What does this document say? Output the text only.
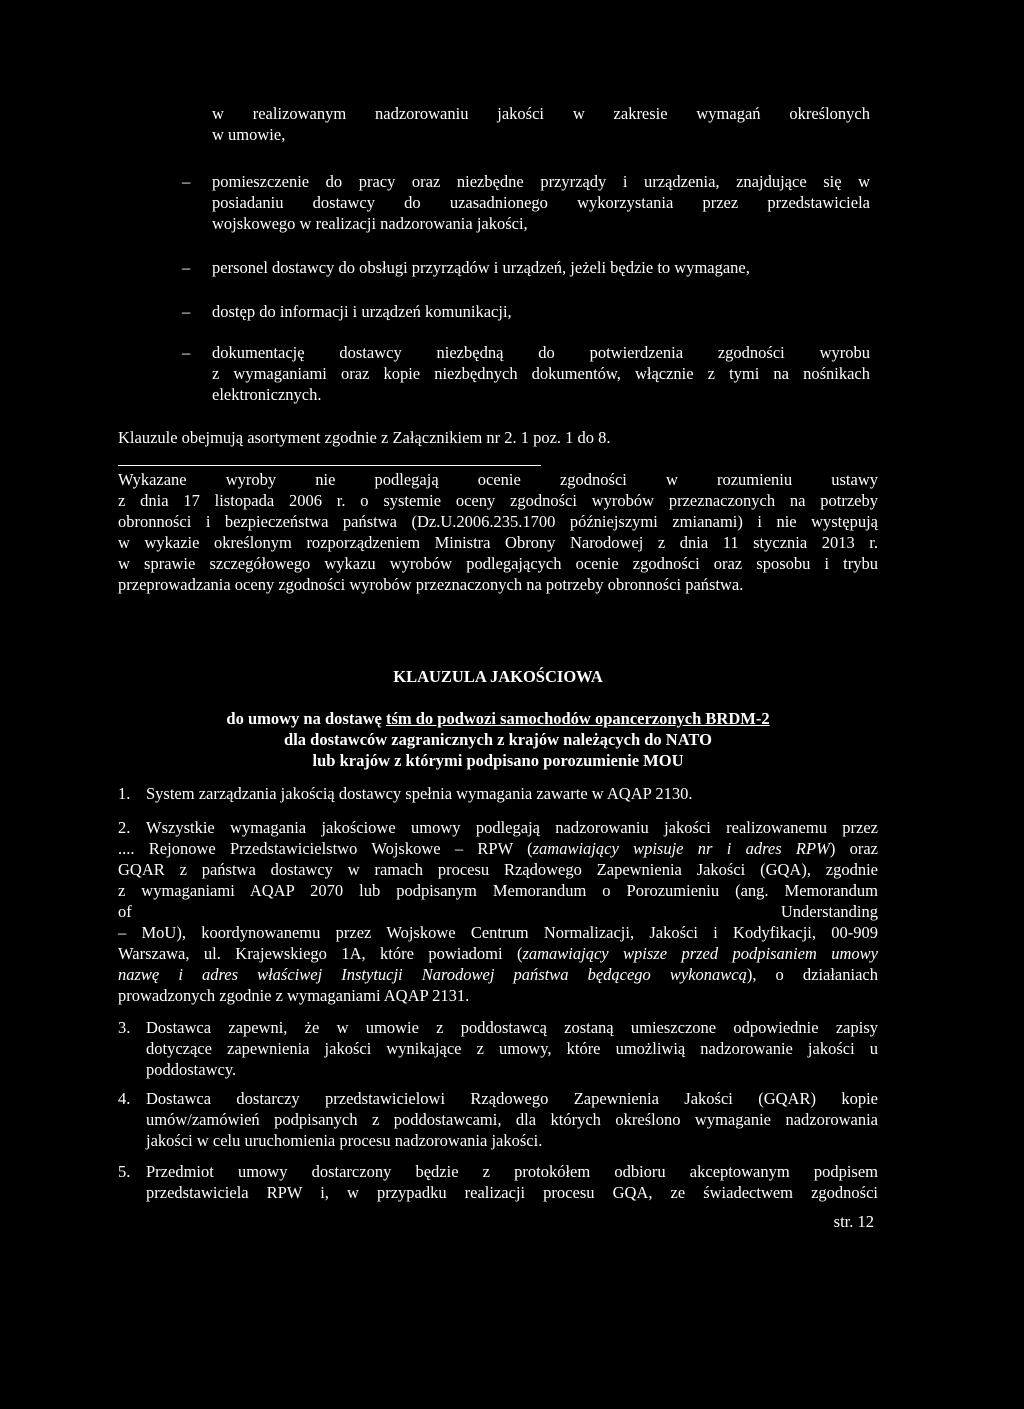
w realizowanym nadzorowaniu jakości w zakresie wymagań określonych

w umowie,

– pomieszczenie do pracy oraz niezbędne przyrządy i urządzenia, znajdujące się w

posiadaniu dostawcy do uzasadnionego wykorzystania przez przedstawiciela

wojskowego w realizacji nadzorowania jakości,

– personel dostawcy do obsługi przyrządów i urządzeń, jeżeli będzie to wymagane,

– dostęp do informacji i urządzeń komunikacji,

– dokumentację dostawcy niezbędną do potwierdzenia zgodności wyrobu

z wymaganiami oraz kopie niezbędnych dokumentów, włącznie z tymi na nośnikach

elektronicznych.

Klauzule obejmują asortyment zgodnie z Załącznikiem nr 2. 1 poz. 1 do 8.

Wykazane wyroby nie podlegają ocenie zgodności w rozumieniu ustawy

z dnia 17 listopada 2006 r. o systemie oceny zgodności wyrobów przeznaczonych na potrzeby

obronności i bezpieczeństwa państwa (Dz.U.2006.235.1700 późniejszymi zmianami) i nie występują

w wykazie określonym rozporządzeniem Ministra Obrony Narodowej z dnia 11 stycznia 2013 r.

w sprawie szczegółowego wykazu wyrobów podlegających ocenie zgodności oraz sposobu i trybu

przeprowadzania oceny zgodności wyrobów przeznaczonych na potrzeby obronności państwa.

KLAUZULA JAKOŚCIOWA

do umowy na dostawę tśm do podwozi samochodów opancerzonych BRDM-2

dla dostawców zagranicznych z krajów należących do NATO

lub krajów z którymi podpisano porozumienie MOU

1. System zarządzania jakością dostawcy spełnia wymagania zawarte w AQAP 2130.

2. Wszystkie wymagania jakościowe umowy podlegają nadzorowaniu jakości realizowanemu przez

.... Rejonowe Przedstawicielstwo Wojskowe – RPW (zamawiający wpisuje nr i adres RPW) oraz

GQAR z państwa dostawcy w ramach procesu Rządowego Zapewnienia Jakości (GQA), zgodnie

z wymaganiami AQAP 2070 lub podpisanym Memorandum o Porozumieniu (ang. Memorandum

of	Understanding

– MoU), koordynowanemu przez Wojskowe Centrum Normalizacji, Jakości i Kodyfikacji, 00-909

Warszawa, ul. Krajewskiego 1A, które powiadomi (zamawiający wpisze przed podpisaniem umowy

nazwę i adres właściwej Instytucji Narodowej państwa będącego wykonawcą), o działaniach

prowadzonych zgodnie z wymaganiami AQAP 2131.

3. Dostawca zapewni, że w umowie z poddostawcą zostaną umieszczone odpowiednie zapisy

dotyczące zapewnienia jakości wynikające z umowy, które umożliwią nadzorowanie jakości u

poddostawcy.

4. Dostawca dostarczy przedstawicielowi Rządowego Zapewnienia Jakości (GQAR) kopie

umów/zamówień podpisanych z poddostawcami, dla których określono wymaganie nadzorowania

jakości w celu uruchomienia procesu nadzorowania jakości.

5. Przedmiot umowy dostarczony będzie z protokółem odbioru akceptowanym podpisem

przedstawiciela RPW i, w przypadku realizacji procesu GQA, ze świadectwem zgodności

str. 12
